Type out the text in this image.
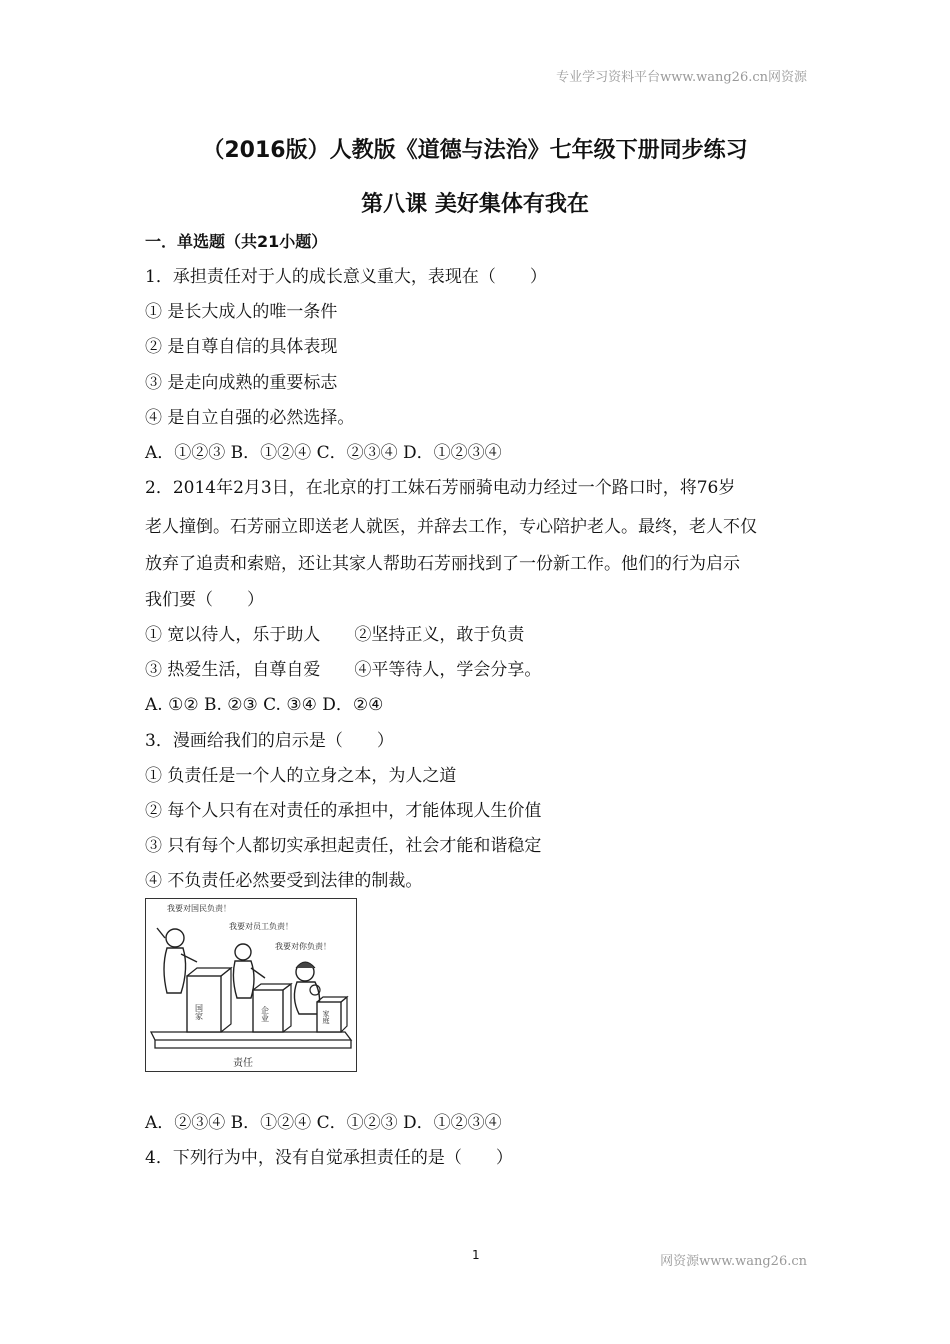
专业学习资料平台www.wang26.cn网资源
（2016版）人教版《道德与法治》七年级下册同步练习
第八课 美好集体有我在
一．单选题（共21小题）
1．承担责任对于人的成长意义重大，表现在（　　）
① 是长大成人的唯一条件
② 是自尊自信的具体表现
③ 是走向成熟的重要标志
④ 是自立自强的必然选择。
A．①②③ B．①②④ C．②③④ D．①②③④
2．2014年2月3日，在北京的打工妹石芳丽骑电动力经过一个路口时，将76岁
老人撞倒。石芳丽立即送老人就医，并辞去工作，专心陪护老人。最终，老人不仅
放弃了追责和索赔，还让其家人帮助石芳丽找到了一份新工作。他们的行为启示
我们要（　　）
① 宽以待人，乐于助人　　②坚持正义，敢于负责
③ 热爱生活，自尊自爱　　④平等待人，学会分享。
A. ①② B. ②③ C. ③④ D．②④
3．漫画给我们的启示是（　　）
① 负责任是一个人的立身之本，为人之道
② 每个人只有在对责任的承担中，才能体现人生价值
③ 只有每个人都切实承担起责任，社会才能和谐稳定
④ 不负责任必然要受到法律的制裁。
我要对国民负责！
我要对员工负责！
我要对你负责！
国家	企业	家庭
责任
A．②③④ B．①②④ C．①②③ D．①②③④
4．下列行为中，没有自觉承担责任的是（　　）
1	网资源www.wang26.cn
